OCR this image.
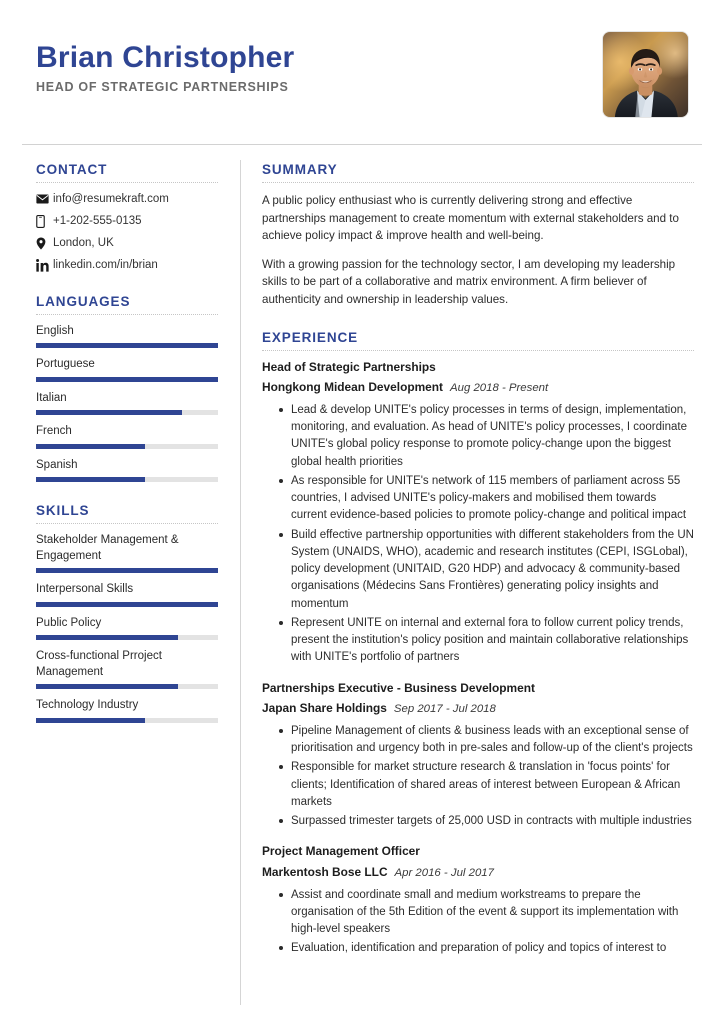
Brian Christopher
HEAD OF STRATEGIC PARTNERSHIPS
CONTACT
info@resumekraft.com
+1-202-555-0135
London, UK
linkedin.com/in/brian
LANGUAGES
English
Portuguese
Italian
French
Spanish
SKILLS
Stakeholder Management & Engagement
Interpersonal Skills
Public Policy
Cross-functional Prroject Management
Technology Industry
SUMMARY

A public policy enthusiast who is currently delivering strong and effective partnerships management to create momentum with external stakeholders and to achieve policy impact & improve health and well-being.

With a growing passion for the technology sector, I am developing my leadership skills to be part of a collaborative and matrix environment. A firm believer of authenticity and ownership in leadership values.

EXPERIENCE
Head of Strategic Partnerships
Hongkong Midean Development Aug 2018 - Present
Lead & develop UNITE's policy processes in terms of design, implementation, monitoring, and evaluation. As head of UNITE's policy processes, I coordinate UNITE's global policy response to promote policy-change upon the biggest global health priorities
As responsible for UNITE's network of 115 members of parliament across 55 countries, I advised UNITE's policy-makers and mobilised them towards current evidence-based policies to promote policy-change and political impact
Build effective partnership opportunities with different stakeholders from the UN System (UNAIDS, WHO), academic and research institutes (CEPI, ISGLobal), policy development (UNITAID, G20 HDP) and advocacy & community-based organisations (Médecins Sans Frontières) generating policy insights and momentum
Represent UNITE on internal and external fora to follow current policy trends, present the institution's policy position and maintain collaborative relationships with UNITE's portfolio of partners
Partnerships Executive - Business Development
Japan Share Holdings Sep 2017 - Jul 2018
Pipeline Management of clients & business leads with an exceptional sense of prioritisation and urgency both in pre-sales and follow-up of the client's projects
Responsible for market structure research & translation in 'focus points' for clients; Identification of shared areas of interest between European & African markets
Surpassed trimester targets of 25,000 USD in contracts with multiple industries
Project Management Officer
Markentosh Bose LLC Apr 2016 - Jul 2017
Assist and coordinate small and medium workstreams to prepare the organisation of the 5th Edition of the event & support its implementation with high-level speakers
Evaluation, identification and preparation of policy and topics of interest to
